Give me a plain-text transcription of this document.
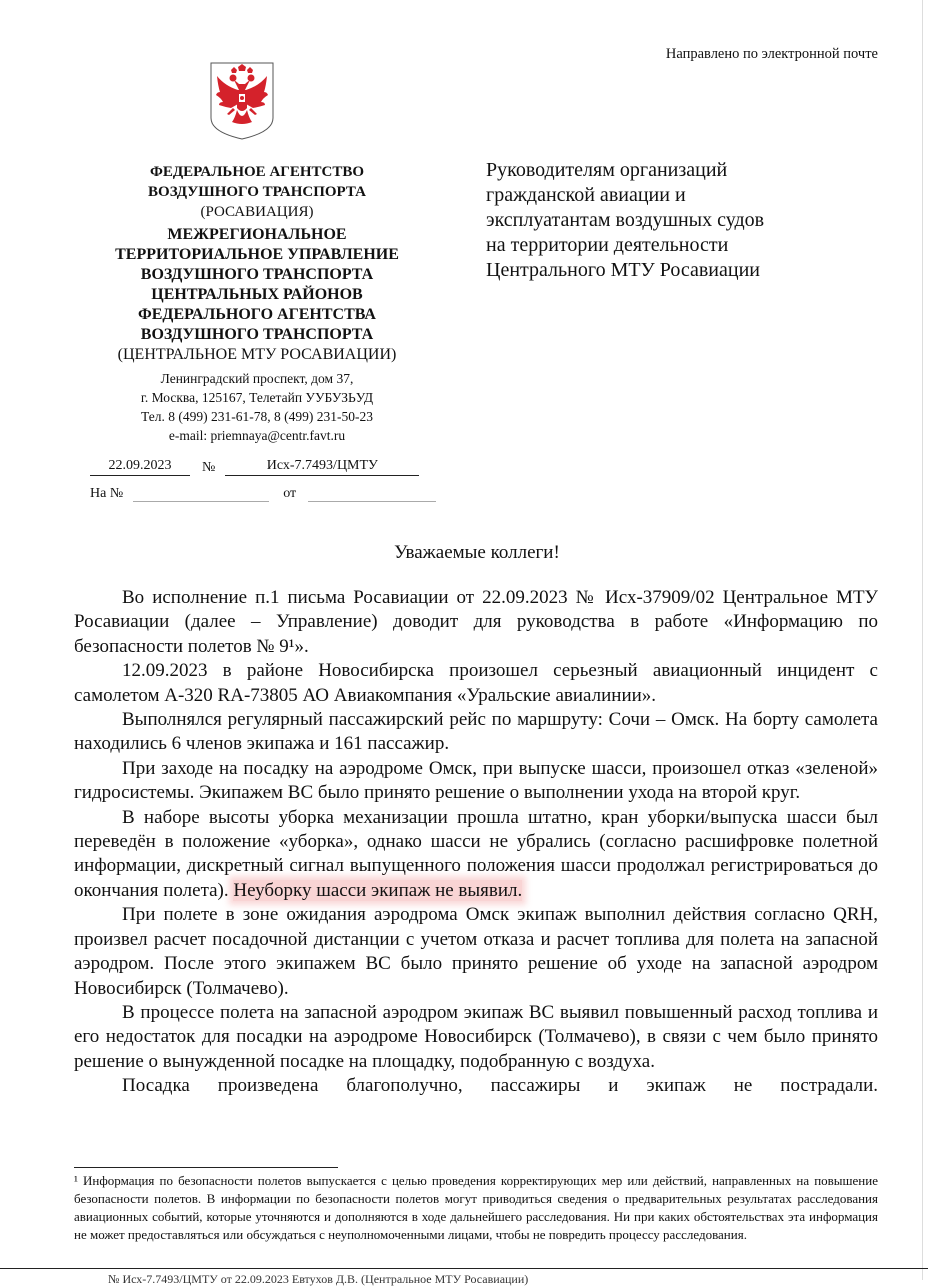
Направлено по электронной почте
ФЕДЕРАЛЬНОЕ АГЕНТСТВО
ВОЗДУШНОГО ТРАНСПОРТА
(РОСАВИАЦИЯ)
МЕЖРЕГИОНАЛЬНОЕ
ТЕРРИТОРИАЛЬНОЕ УПРАВЛЕНИЕ
ВОЗДУШНОГО ТРАНСПОРТА
ЦЕНТРАЛЬНЫХ РАЙОНОВ
ФЕДЕРАЛЬНОГО АГЕНТСТВА
ВОЗДУШНОГО ТРАНСПОРТА
(ЦЕНТРАЛЬНОЕ МТУ РОСАВИАЦИИ)
Ленинградский проспект, дом 37,
г. Москва, 125167, Телетайп УУБУЗЬУД
Тел. 8 (499) 231-61-78, 8 (499) 231-50-23
e-mail: priemnaya@centr.favt.ru
Руководителям организаций
гражданской авиации и
эксплуатантам воздушных судов
на территории деятельности
Центрального МТУ Росавиации
22.09.2023	№	Исх-7.7493/ЦМТУ
На №	от
Уважаемые коллеги!

Во исполнение п.1 письма Росавиации от 22.09.2023 № Исх-37909/02 Центральное МТУ Росавиации (далее – Управление) доводит для руководства в работе «Информацию по безопасности полетов № 9¹».

12.09.2023 в районе Новосибирска произошел серьезный авиационный инцидент с самолетом А-320 RA-73805 АО Авиакомпания «Уральские авиалинии».

Выполнялся регулярный пассажирский рейс по маршруту: Сочи – Омск. На борту самолета находились 6 членов экипажа и 161 пассажир.

При заходе на посадку на аэродроме Омск, при выпуске шасси, произошел отказ «зеленой» гидросистемы. Экипажем ВС было принято решение о выполнении ухода на второй круг.

В наборе высоты уборка механизации прошла штатно, кран уборки/выпуска шасси был переведён в положение «уборка», однако шасси не убрались (согласно расшифровке полетной информации, дискретный сигнал выпущенного положения шасси продолжал регистрироваться до окончания полета). Неуборку шасси экипаж не выявил.

При полете в зоне ожидания аэродрома Омск экипаж выполнил действия согласно QRH, произвел расчет посадочной дистанции с учетом отказа и расчет топлива для полета на запасной аэродром. После этого экипажем ВС было принято решение об уходе на запасной аэродром Новосибирск (Толмачево).

В процессе полета на запасной аэродром экипаж ВС выявил повышенный расход топлива и его недостаток для посадки на аэродроме Новосибирск (Толмачево), в связи с чем было принято решение о вынужденной посадке на площадку, подобранную с воздуха.

Посадка произведена благополучно, пассажиры и экипаж не пострадали.

¹ Информация по безопасности полетов выпускается с целью проведения корректирующих мер или действий, направленных на повышение безопасности полетов. В информации по безопасности полетов могут приводиться сведения о предварительных результатах расследования авиационных событий, которые уточняются и дополняются в ходе дальнейшего расследования. Ни при каких обстоятельствах эта информация не может предоставляться или обсуждаться с неуполномоченными лицами, чтобы не повредить процессу расследования.
№ Исх-7.7493/ЦМТУ от 22.09.2023 Евтухов Д.В. (Центральное МТУ Росавиации)
